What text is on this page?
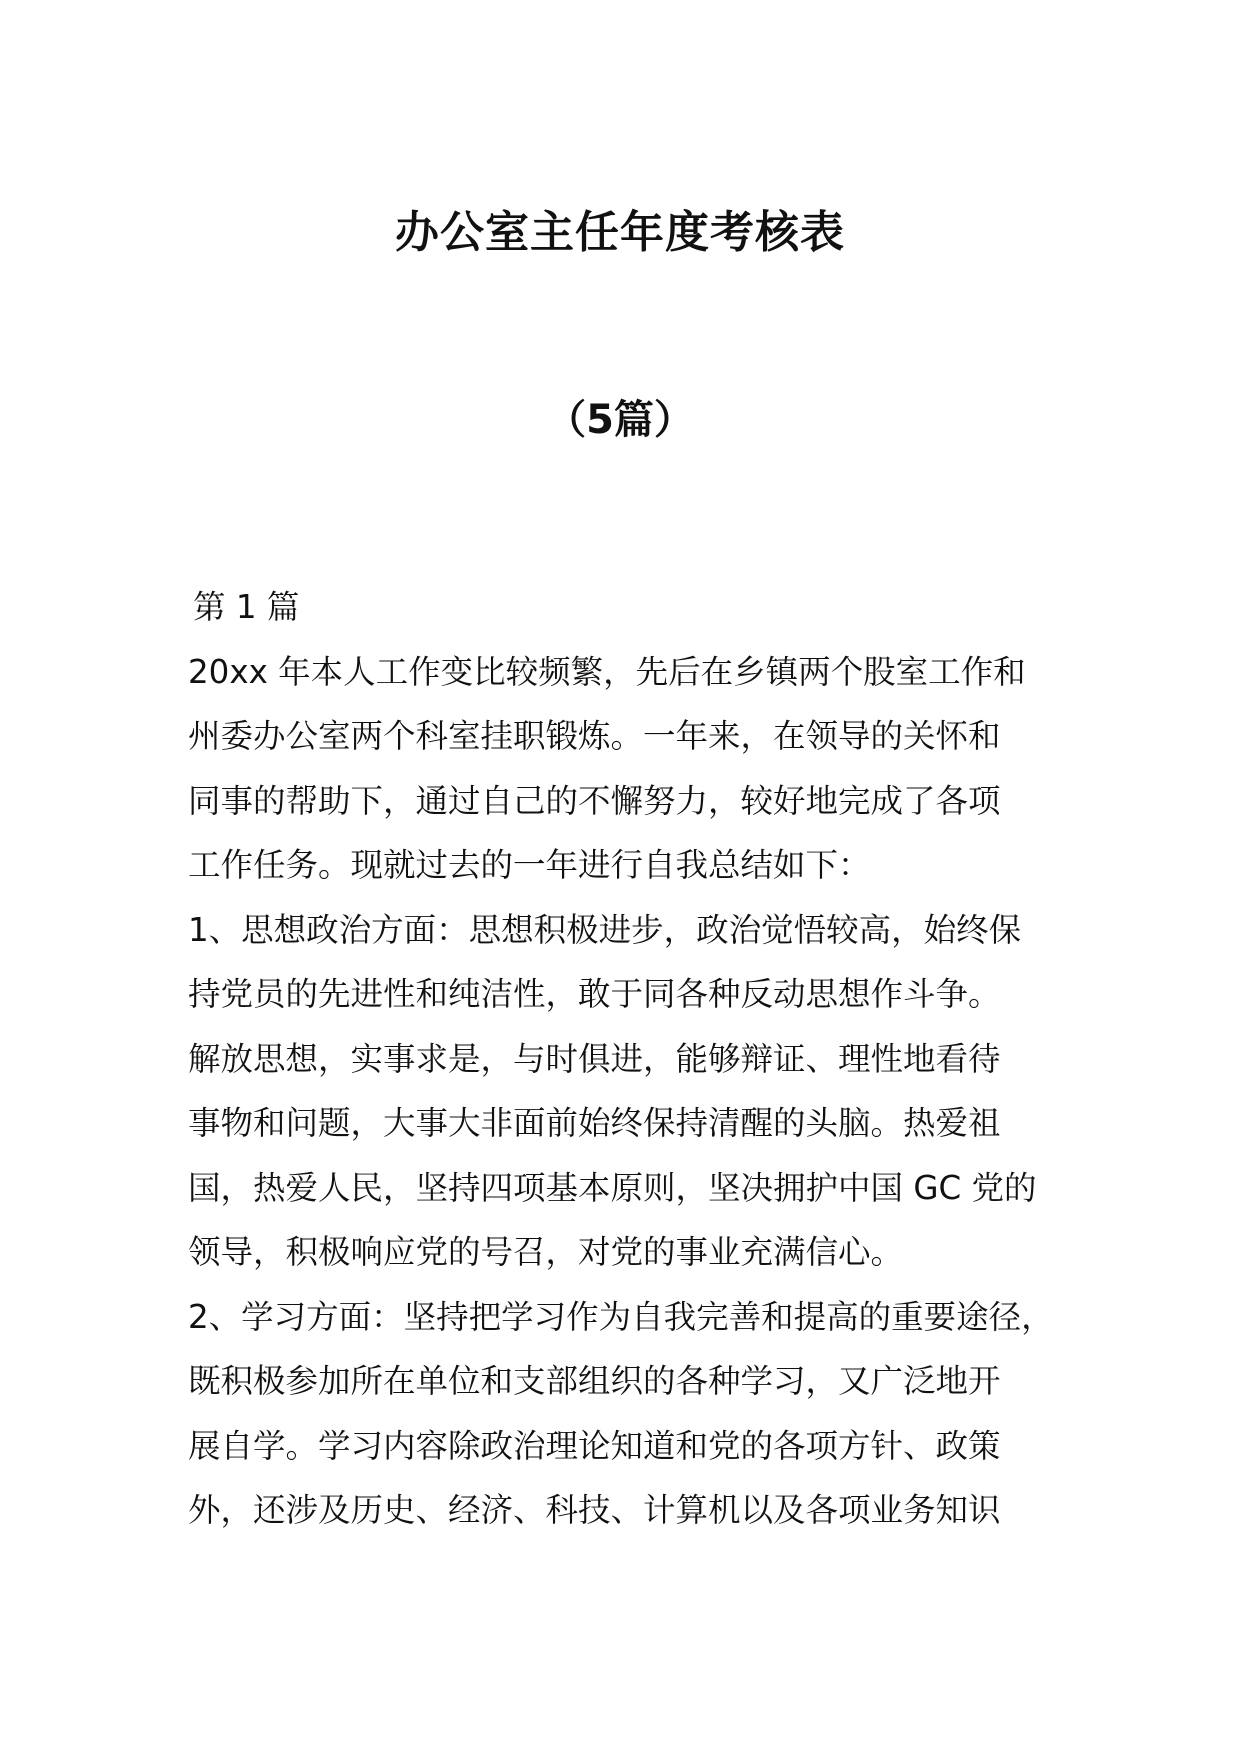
办公室主任年度考核表
（5篇）

第 1 篇

20xx 年本人工作变比较频繁，先后在乡镇两个股室工作和

州委办公室两个科室挂职锻炼。一年来，在领导的关怀和

同事的帮助下，通过自己的不懈努力，较好地完成了各项

工作任务。现就过去的一年进行自我总结如下：

1、思想政治方面：思想积极进步，政治觉悟较高，始终保

持党员的先进性和纯洁性，敢于同各种反动思想作斗争。

解放思想，实事求是，与时俱进，能够辩证、理性地看待

事物和问题，大事大非面前始终保持清醒的头脑。热爱祖

国，热爱人民，坚持四项基本原则，坚决拥护中国 GC 党的

领导，积极响应党的号召，对党的事业充满信心。

2、学习方面：坚持把学习作为自我完善和提高的重要途径，

既积极参加所在单位和支部组织的各种学习，又广泛地开

展自学。学习内容除政治理论知道和党的各项方针、政策

外，还涉及历史、经济、科技、计算机以及各项业务知识
